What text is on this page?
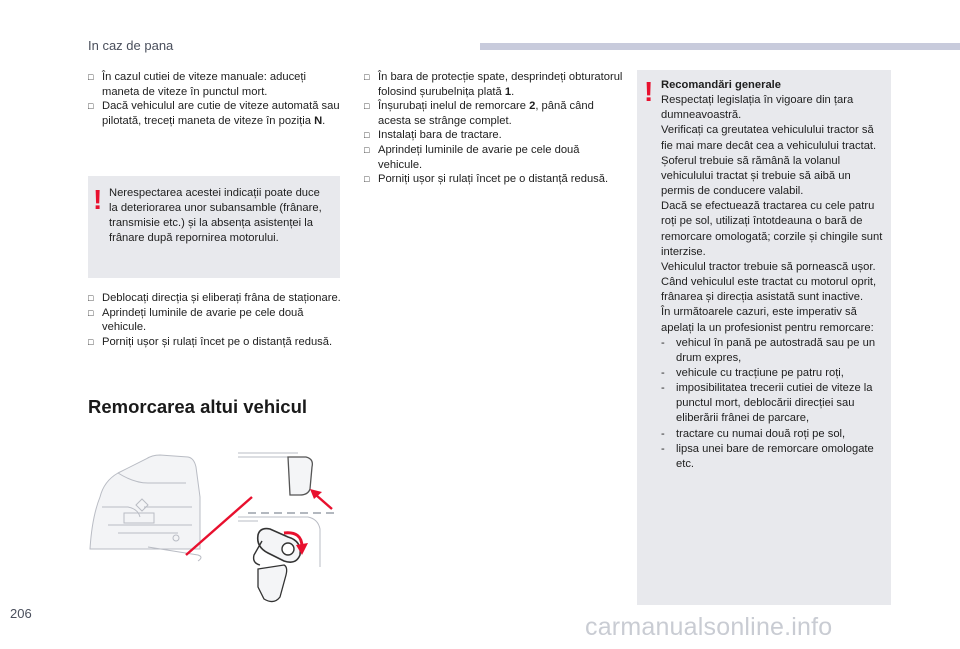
In caz de pana
□ În cazul cutiei de viteze manuale: aduceți maneta de viteze în punctul mort.
□ Dacă vehiculul are cutie de viteze automată sau pilotată, treceți maneta de viteze în poziția N.
! Nerespectarea acestei indicații poate duce la deteriorarea unor subansamble (frânare, transmisie etc.) și la absența asistenței la frânare după repornirea motorului.
□ Deblocați direcția și eliberați frâna de staționare.
□ Aprindeți luminile de avarie pe cele două vehicule.
□ Porniți ușor și rulați încet pe o distanță redusă.
Remorcarea altui vehicul
□ În bara de protecție spate, desprindeți obturatorul folosind șurubelnița plată 1.
□ Înșurubați inelul de remorcare 2, până când acesta se strânge complet.
□ Instalați bara de tractare.
□ Aprindeți luminile de avarie pe cele două vehicule.
□ Porniți ușor și rulați încet pe o distanță redusă.
! Recomandări generale
Respectați legislația în vigoare din țara dumneavoastră.
Verificați ca greutatea vehiculului tractor să fie mai mare decât cea a vehiculului tractat.
Șoferul trebuie să rămână la volanul vehiculului tractat și trebuie să aibă un permis de conducere valabil.
Dacă se efectuează tractarea cu cele patru roți pe sol, utilizați întotdeauna o bară de remorcare omologată; corzile și chingile sunt interzise.
Vehiculul tractor trebuie să pornească ușor.
Când vehiculul este tractat cu motorul oprit, frânarea și direcția asistată sunt inactive.
În următoarele cazuri, este imperativ să apelați la un profesionist pentru remorcare:
- vehicul în pană pe autostradă sau pe un drum expres,
- vehicule cu tracțiune pe patru roți,
- imposibilitatea trecerii cutiei de viteze la punctul mort, deblocării direcției sau eliberării frânei de parcare,
- tractare cu numai două roți pe sol,
- lipsa unei bare de remorcare omologate etc.
206	carmanualsonline.info
